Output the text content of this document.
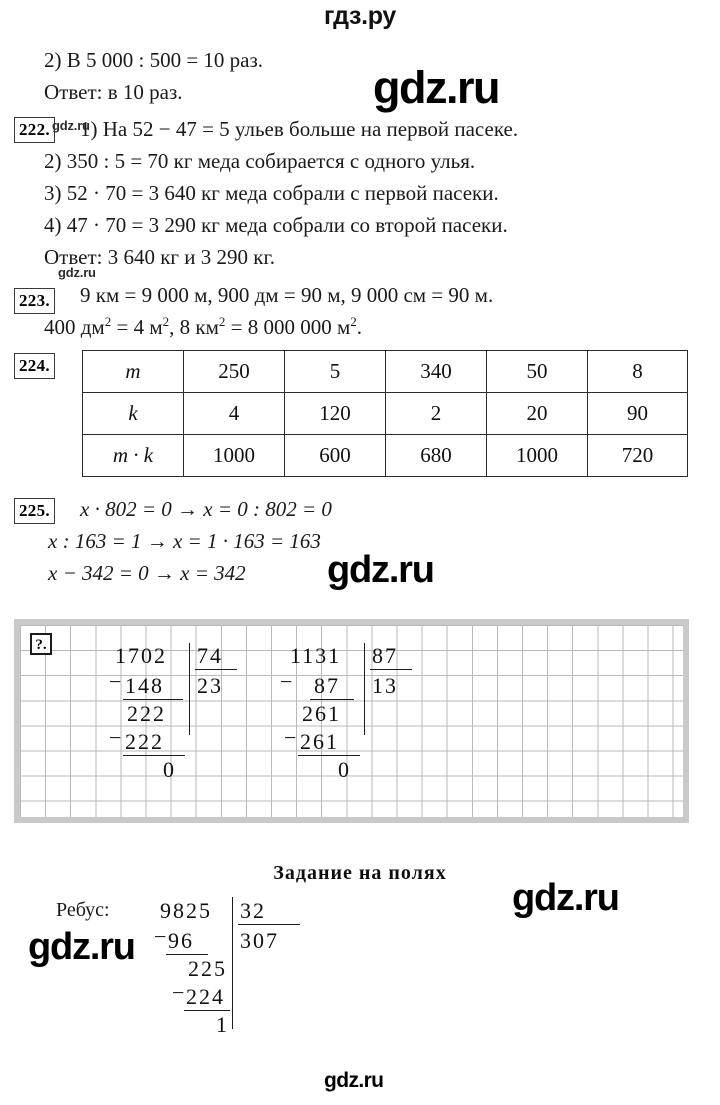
гдз.ру
2) В 5 000 : 500 = 10 раз.
Ответ: в 10 раз.
222. 1) На 52 − 47 = 5 ульев больше на первой пасеке.
2) 350 : 5 = 70 кг меда собирается с одного улья.
3) 52 · 70 = 3 640 кг меда собрали с первой пасеки.
4) 47 · 70 = 3 290 кг меда собрали со второй пасеки.
Ответ: 3 640 кг и 3 290 кг.
223. 9 км = 9 000 м, 900 дм = 90 м, 9 000 см = 90 м.
400 $дм^2 = 4$ $м^2$, 8 $км^2 = 8$ 000 000 $м^2$.
224.	m	250	5	340	50	8
k	4	120	2	20	90
m · k	1000	600	680	1000	720
225. x · 802 = 0 → x = 0 : 802 = 0
x : 163 = 1 → x = 1 · 163 = 163
x − 342 = 0 → x = 342
?.	1702 74
23
− 148
222
− 222
0
1131 87
13
− 87
261
− 261
0
Задание на полях
Ребус: 9825 32
307
− 96
225
− 224
1
gdz.ru
gdz.ru
gdz.ru
gdz.ru
gdz.ru
gdz.ru
gdz.ru
